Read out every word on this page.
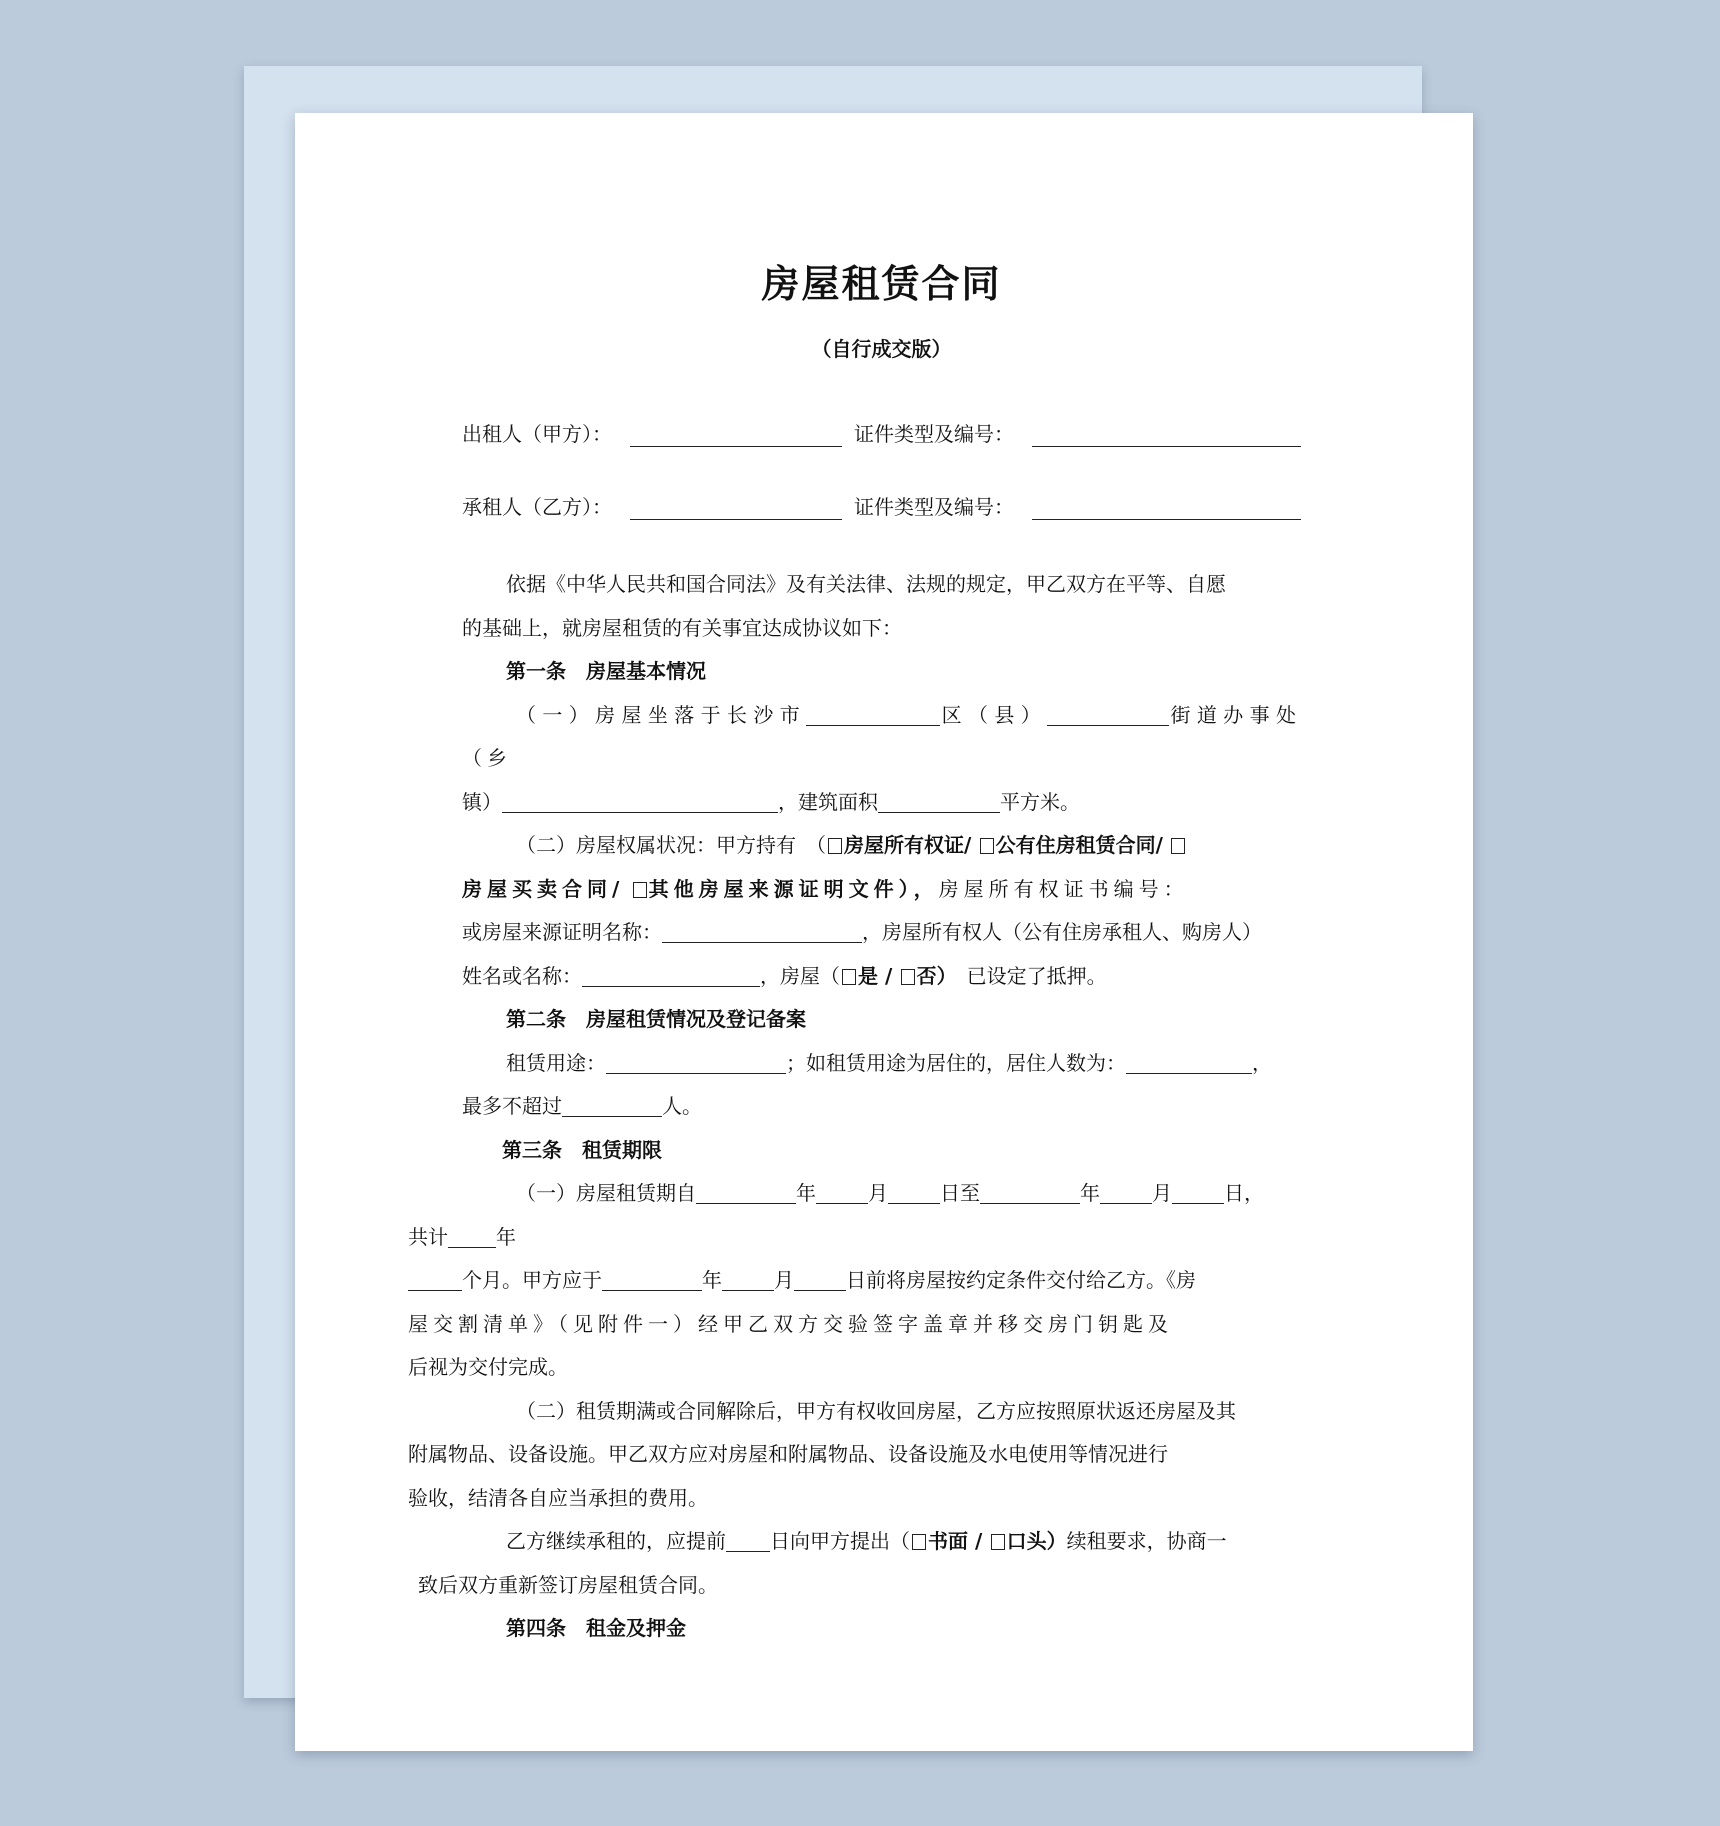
房屋租赁合同
（自行成交版）
出租人（甲方）：	证件类型及编号：
承租人（乙方）：	证件类型及编号：

依据《中华人民共和国合同法》及有关法律、法规的规定，甲乙双方在平等、自愿
的基础上，就房屋租赁的有关事宜达成协议如下：

第一条　房屋基本情况

（一）房屋坐落于长沙市	区（县）	街道办事处（乡
镇）	，建筑面积	平方米。

（二）房屋权属状况：甲方持有　（ 房屋所有权证/ 公有住房租赁合同/
房屋买卖合同/ 其他房屋来源证明文件），房屋所有权证书编号：
或房屋来源证明名称：	，房屋所有权人（公有住房承租人、购房人）
姓名或名称：	，房屋（ 是 / 否）　已设定了抵押。

第二条　房屋租赁情况及登记备案

租赁用途：	；如租赁用途为居住的，居住人数为：	，
最多不超过	人。

第三条　租赁期限

（一）房屋租赁期自	年	月	日至	年	月	日，
共计 年
个月。甲方应于	年	月	日前将房屋按约定条件交付给乙方。《房
屋交割清单》（见附件一）经甲乙双方交验签字盖章并移交房门钥匙及
后视为交付完成。

（二）租赁期满或合同解除后，甲方有权收回房屋，乙方应按照原状返还房屋及其
附属物品、设备设施。甲乙双方应对房屋和附属物品、设备设施及水电使用等情况进行
验收，结清各自应当承担的费用。

乙方继续承租的，应提前 日向甲方提出（ 书面 / 口头）续租要求，协商一
致后双方重新签订房屋租赁合同。

第四条　租金及押金
